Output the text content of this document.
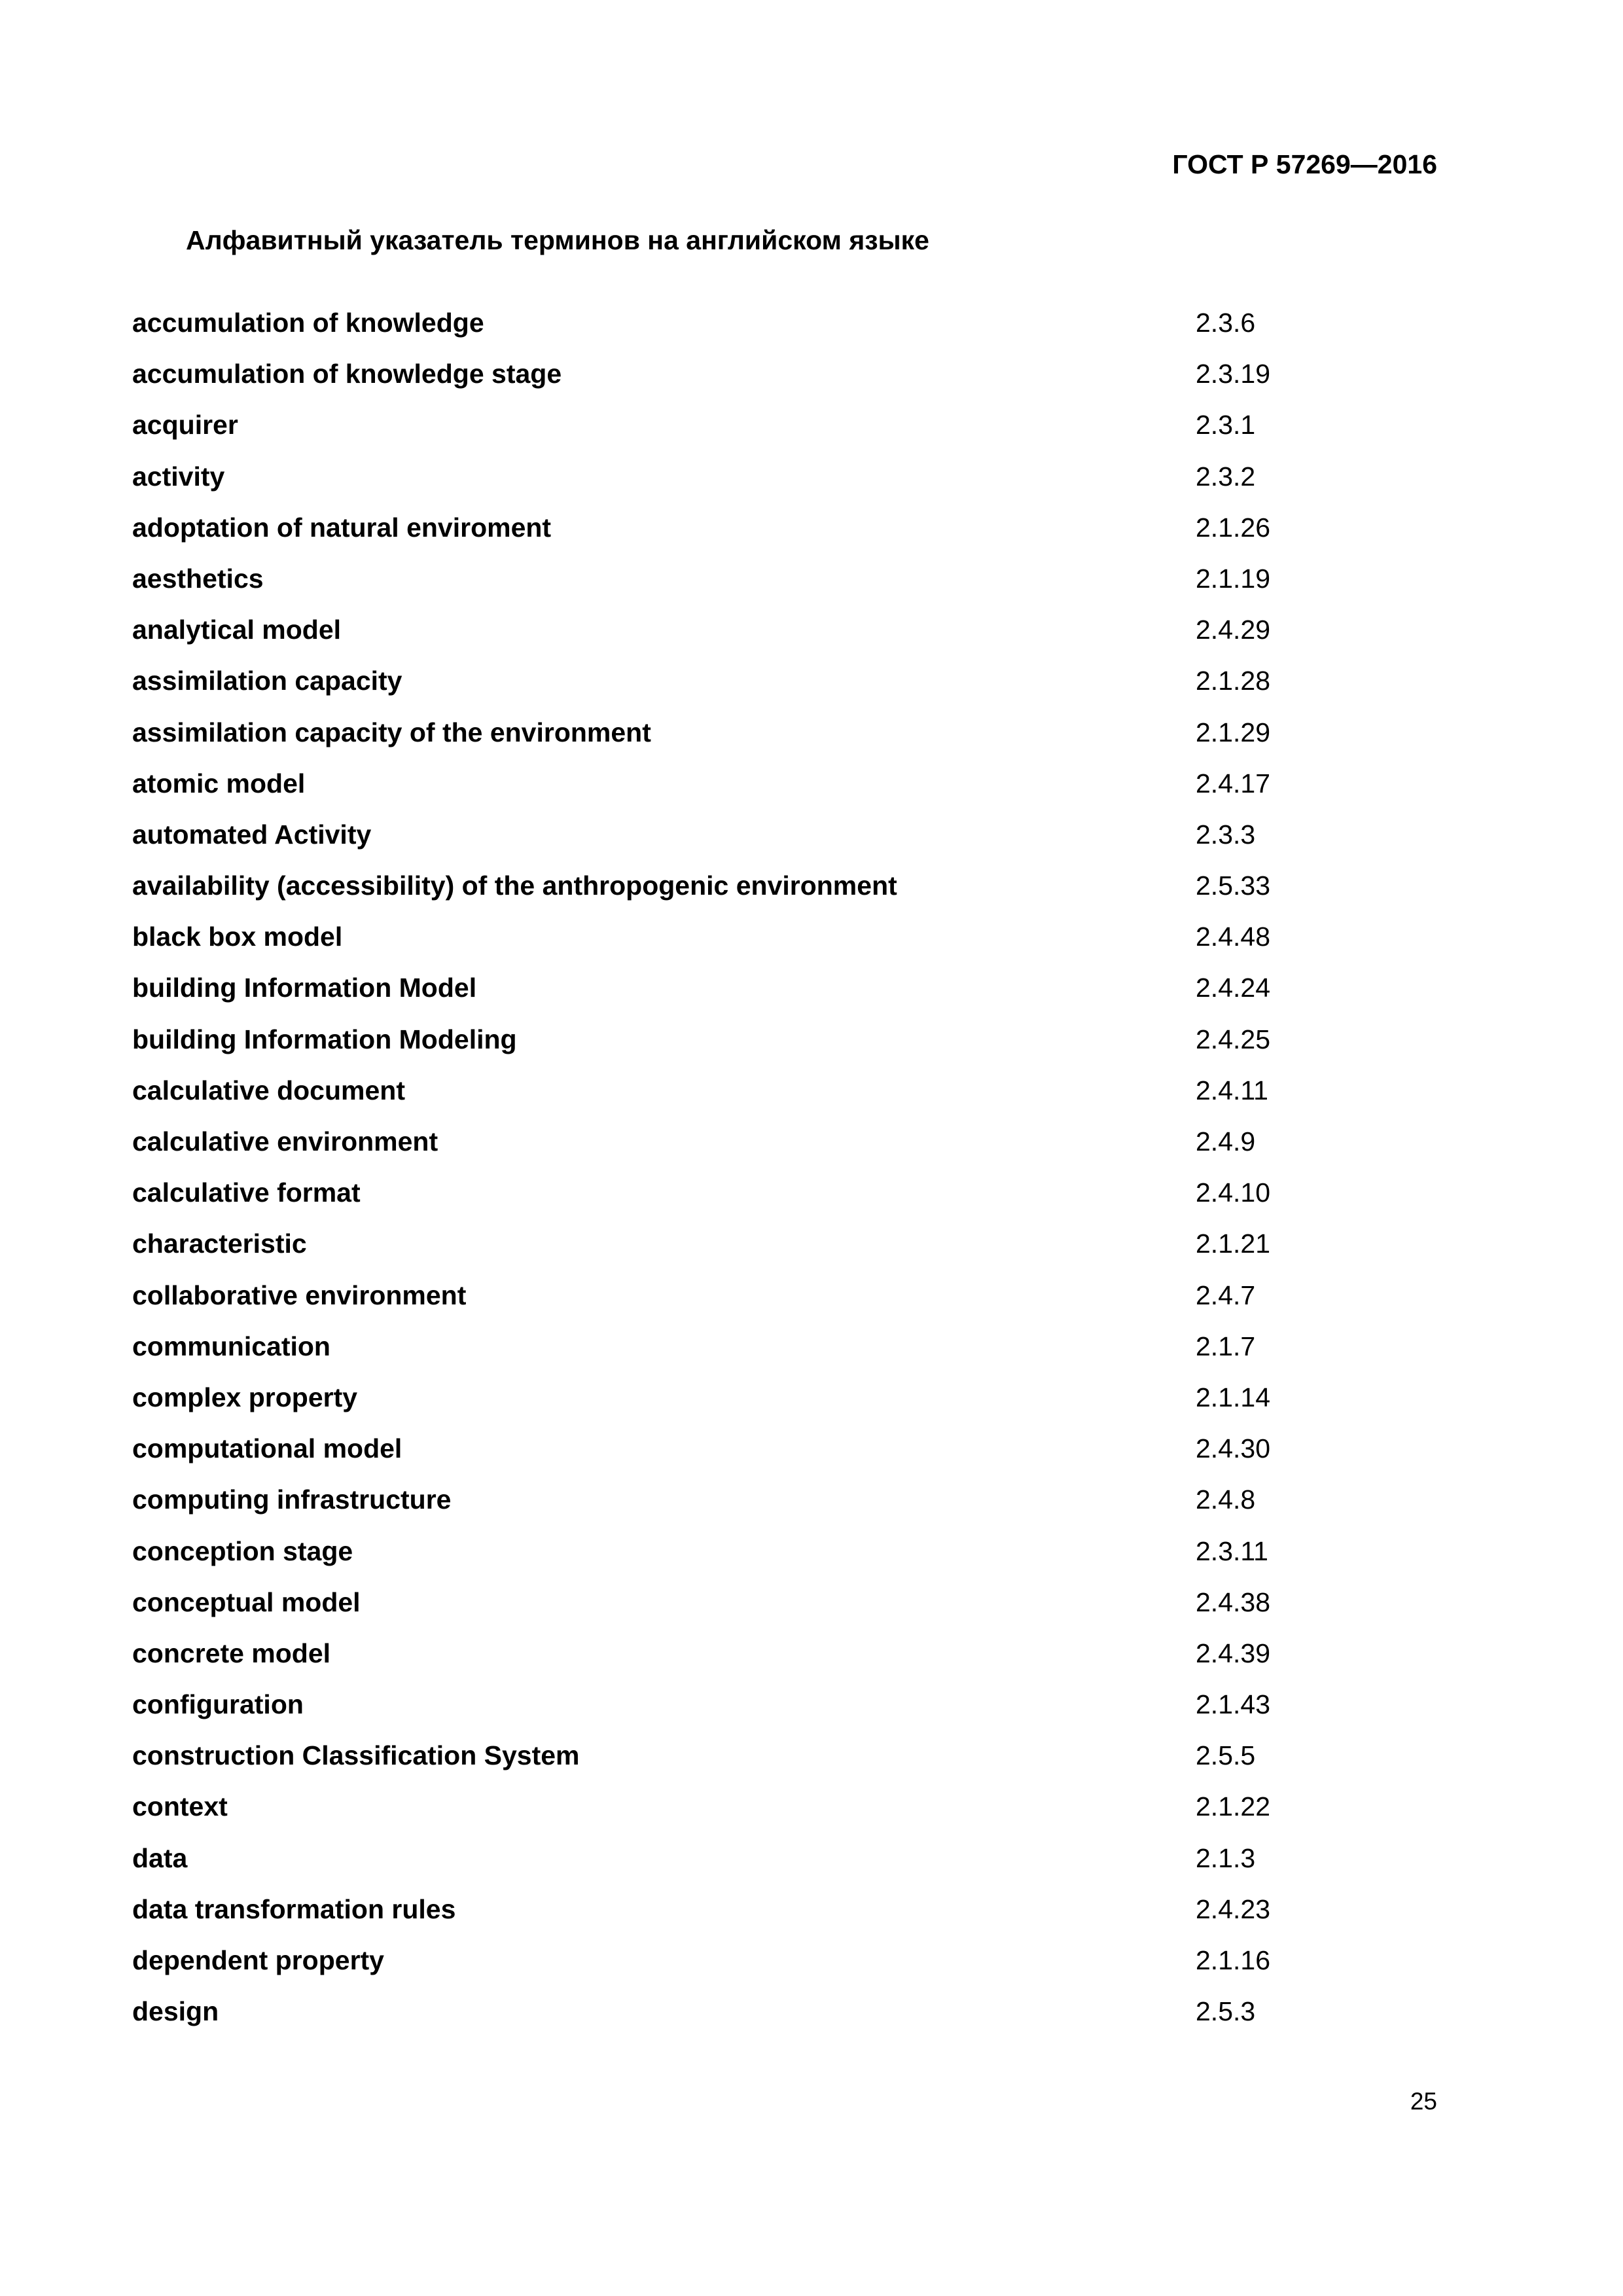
ГОСТ Р 57269—2016

Алфавитный указатель терминов на английском языке
accumulation of knowledge	2.3.6
accumulation of knowledge stage	2.3.19
acquirer	2.3.1
activity	2.3.2
adoptation of natural enviroment	2.1.26
aesthetics	2.1.19
analytical model	2.4.29
assimilation capacity	2.1.28
assimilation capacity of the environment	2.1.29
atomic model	2.4.17
automated Activity	2.3.3
availability (accessibility) of the anthropogenic environment	2.5.33
black box model	2.4.48
building Information Model	2.4.24
building Information Modeling	2.4.25
calculative document	2.4.11
calculative environment	2.4.9
calculative format	2.4.10
characteristic	2.1.21
collaborative environment	2.4.7
communication	2.1.7
complex property	2.1.14
computational model	2.4.30
computing infrastructure	2.4.8
conception stage	2.3.11
conceptual model	2.4.38
concrete model	2.4.39
configuration	2.1.43
construction Classification System	2.5.5
context	2.1.22
data	2.1.3
data transformation rules	2.4.23
dependent property	2.1.16
design	2.5.3

25
